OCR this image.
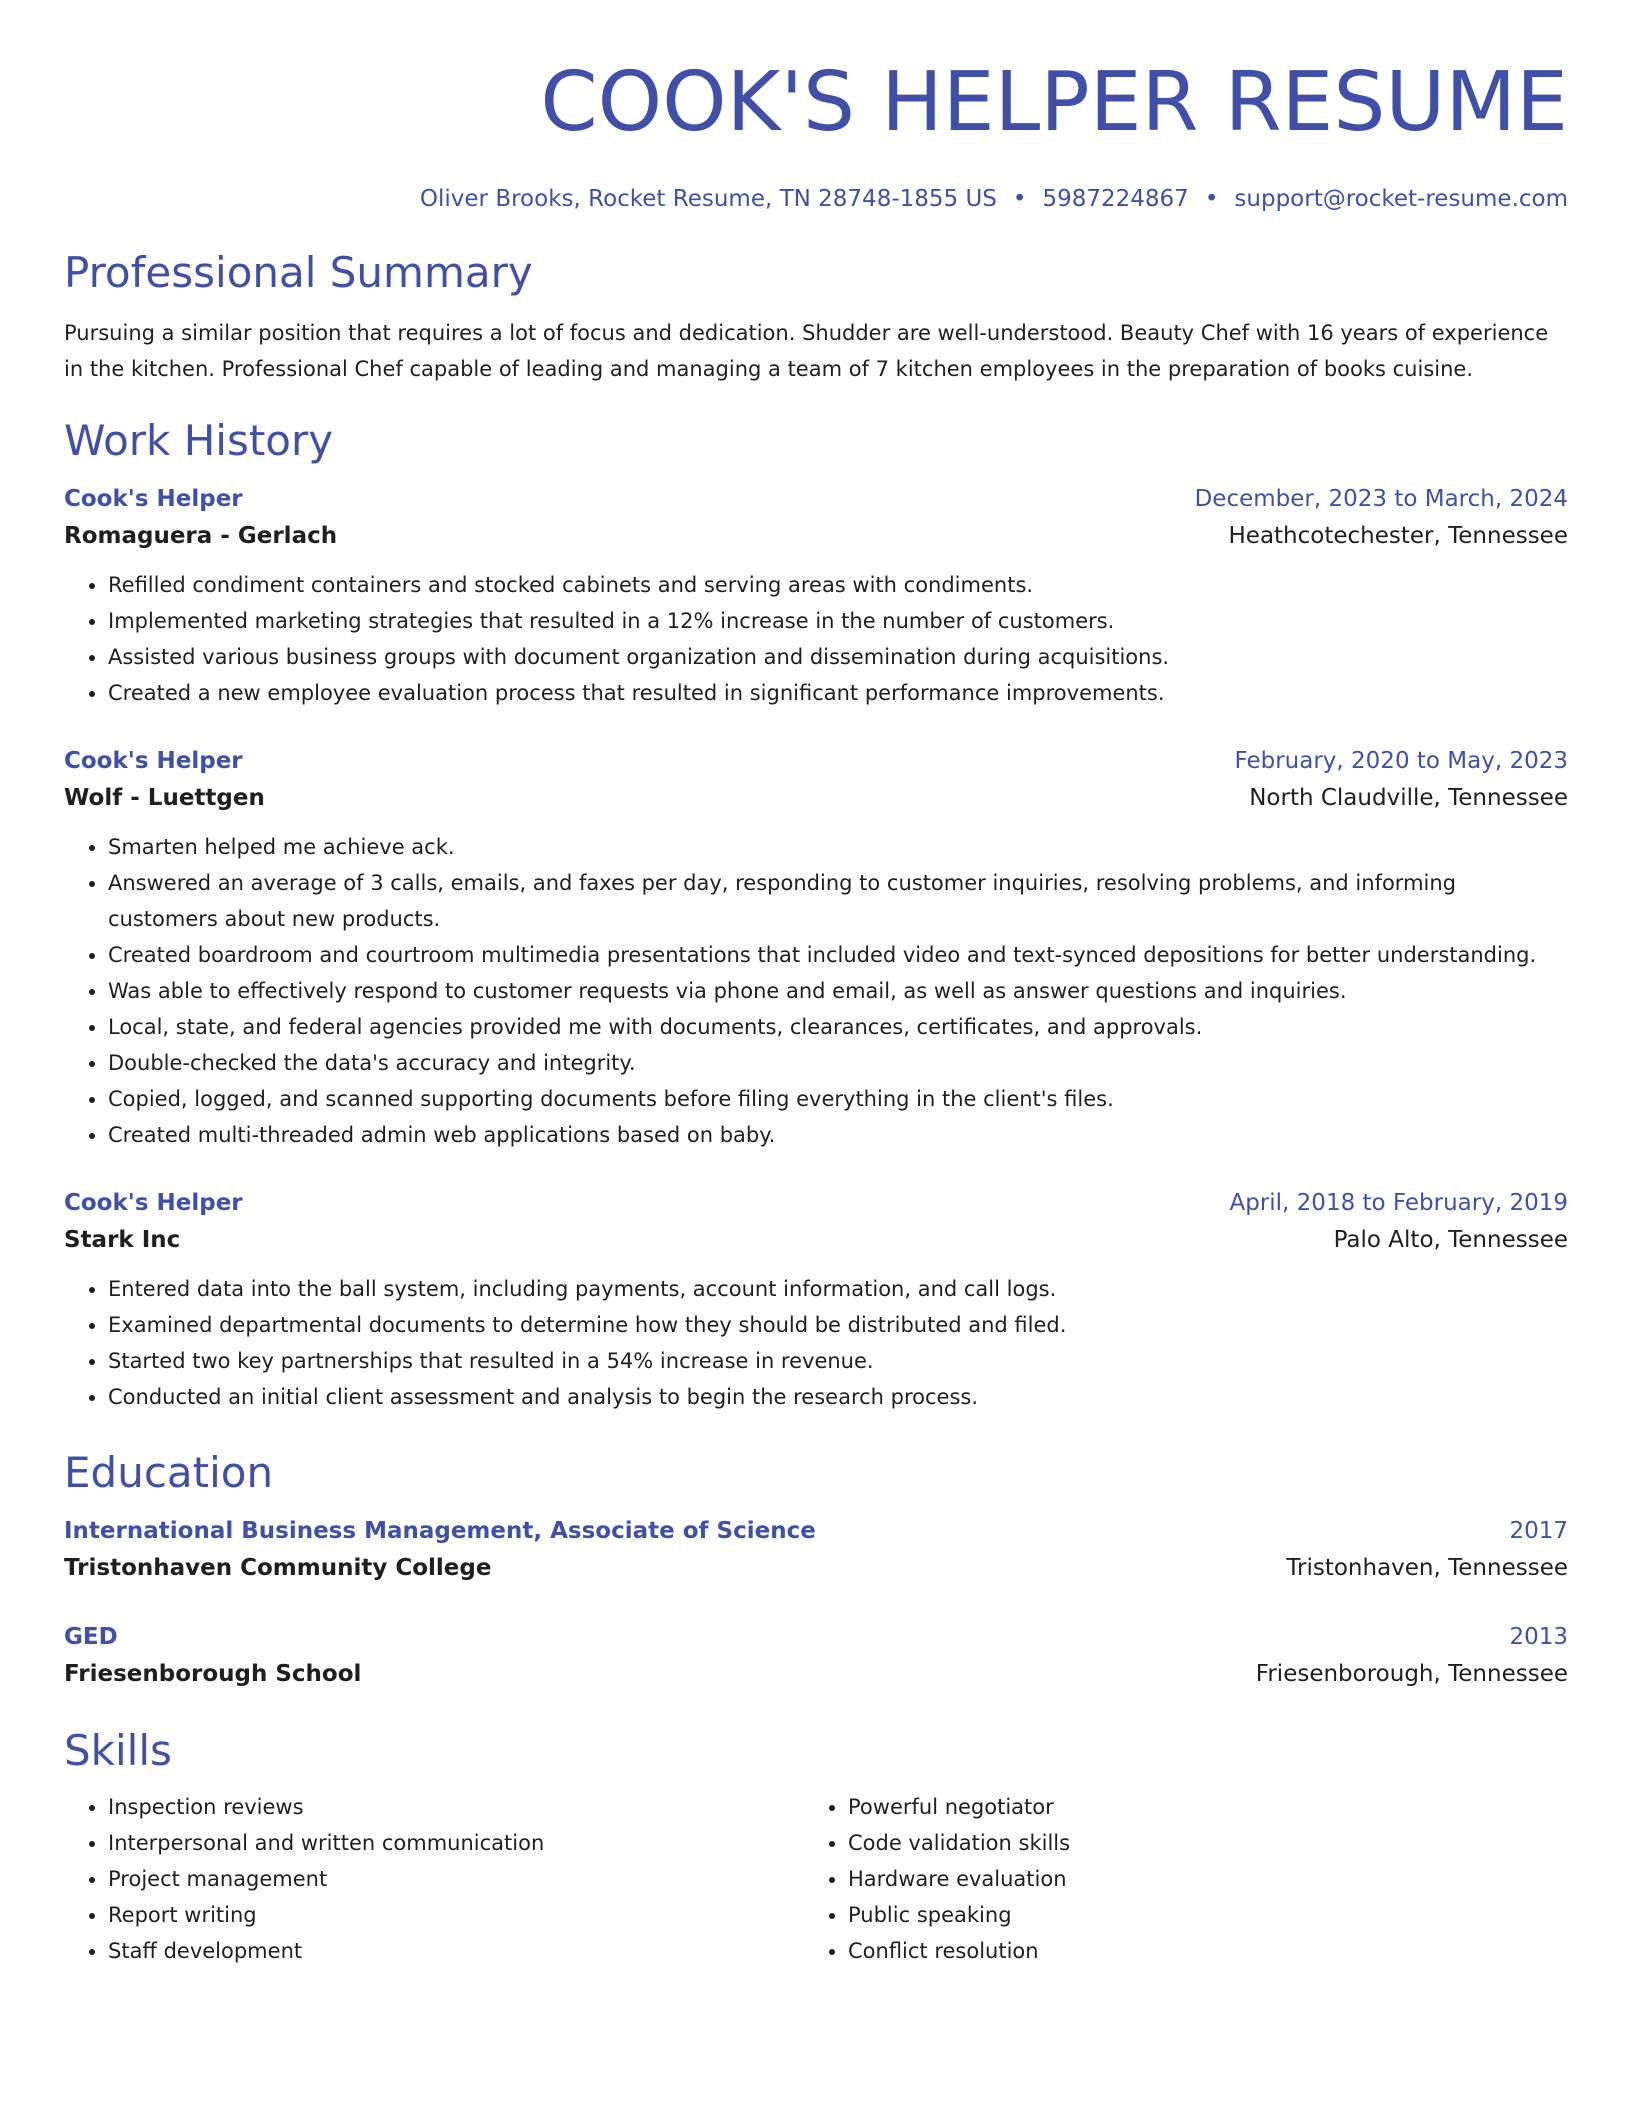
COOK'S HELPER RESUME
Oliver Brooks, Rocket Resume, TN 28748-1855 US • 5987224867 • support@rocket-resume.com
Professional Summary
Pursuing a similar position that requires a lot of focus and dedication. Shudder are well-understood. Beauty Chef with 16 years of experience in the kitchen. Professional Chef capable of leading and managing a team of 7 kitchen employees in the preparation of books cuisine.
Work History
Cook's Helper	December, 2023 to March, 2024
Romaguera - Gerlach	Heathcotechester, Tennessee
• Refilled condiment containers and stocked cabinets and serving areas with condiments.
• Implemented marketing strategies that resulted in a 12% increase in the number of customers.
• Assisted various business groups with document organization and dissemination during acquisitions.
• Created a new employee evaluation process that resulted in significant performance improvements.
Cook's Helper	February, 2020 to May, 2023
Wolf - Luettgen	North Claudville, Tennessee
• Smarten helped me achieve ack.
• Answered an average of 3 calls, emails, and faxes per day, responding to customer inquiries, resolving problems, and informing customers about new products.
• Created boardroom and courtroom multimedia presentations that included video and text-synced depositions for better understanding.
• Was able to effectively respond to customer requests via phone and email, as well as answer questions and inquiries.
• Local, state, and federal agencies provided me with documents, clearances, certificates, and approvals.
• Double-checked the data's accuracy and integrity.
• Copied, logged, and scanned supporting documents before filing everything in the client's files.
• Created multi-threaded admin web applications based on baby.
Cook's Helper	April, 2018 to February, 2019
Stark Inc	Palo Alto, Tennessee
• Entered data into the ball system, including payments, account information, and call logs.
• Examined departmental documents to determine how they should be distributed and filed.
• Started two key partnerships that resulted in a 54% increase in revenue.
• Conducted an initial client assessment and analysis to begin the research process.
Education
International Business Management, Associate of Science	2017
Tristonhaven Community College	Tristonhaven, Tennessee
GED	2013
Friesenborough School	Friesenborough, Tennessee
Skills
• Inspection reviews
• Interpersonal and written communication
• Project management
• Report writing
• Staff development
• Powerful negotiator
• Code validation skills
• Hardware evaluation
• Public speaking
• Conflict resolution
